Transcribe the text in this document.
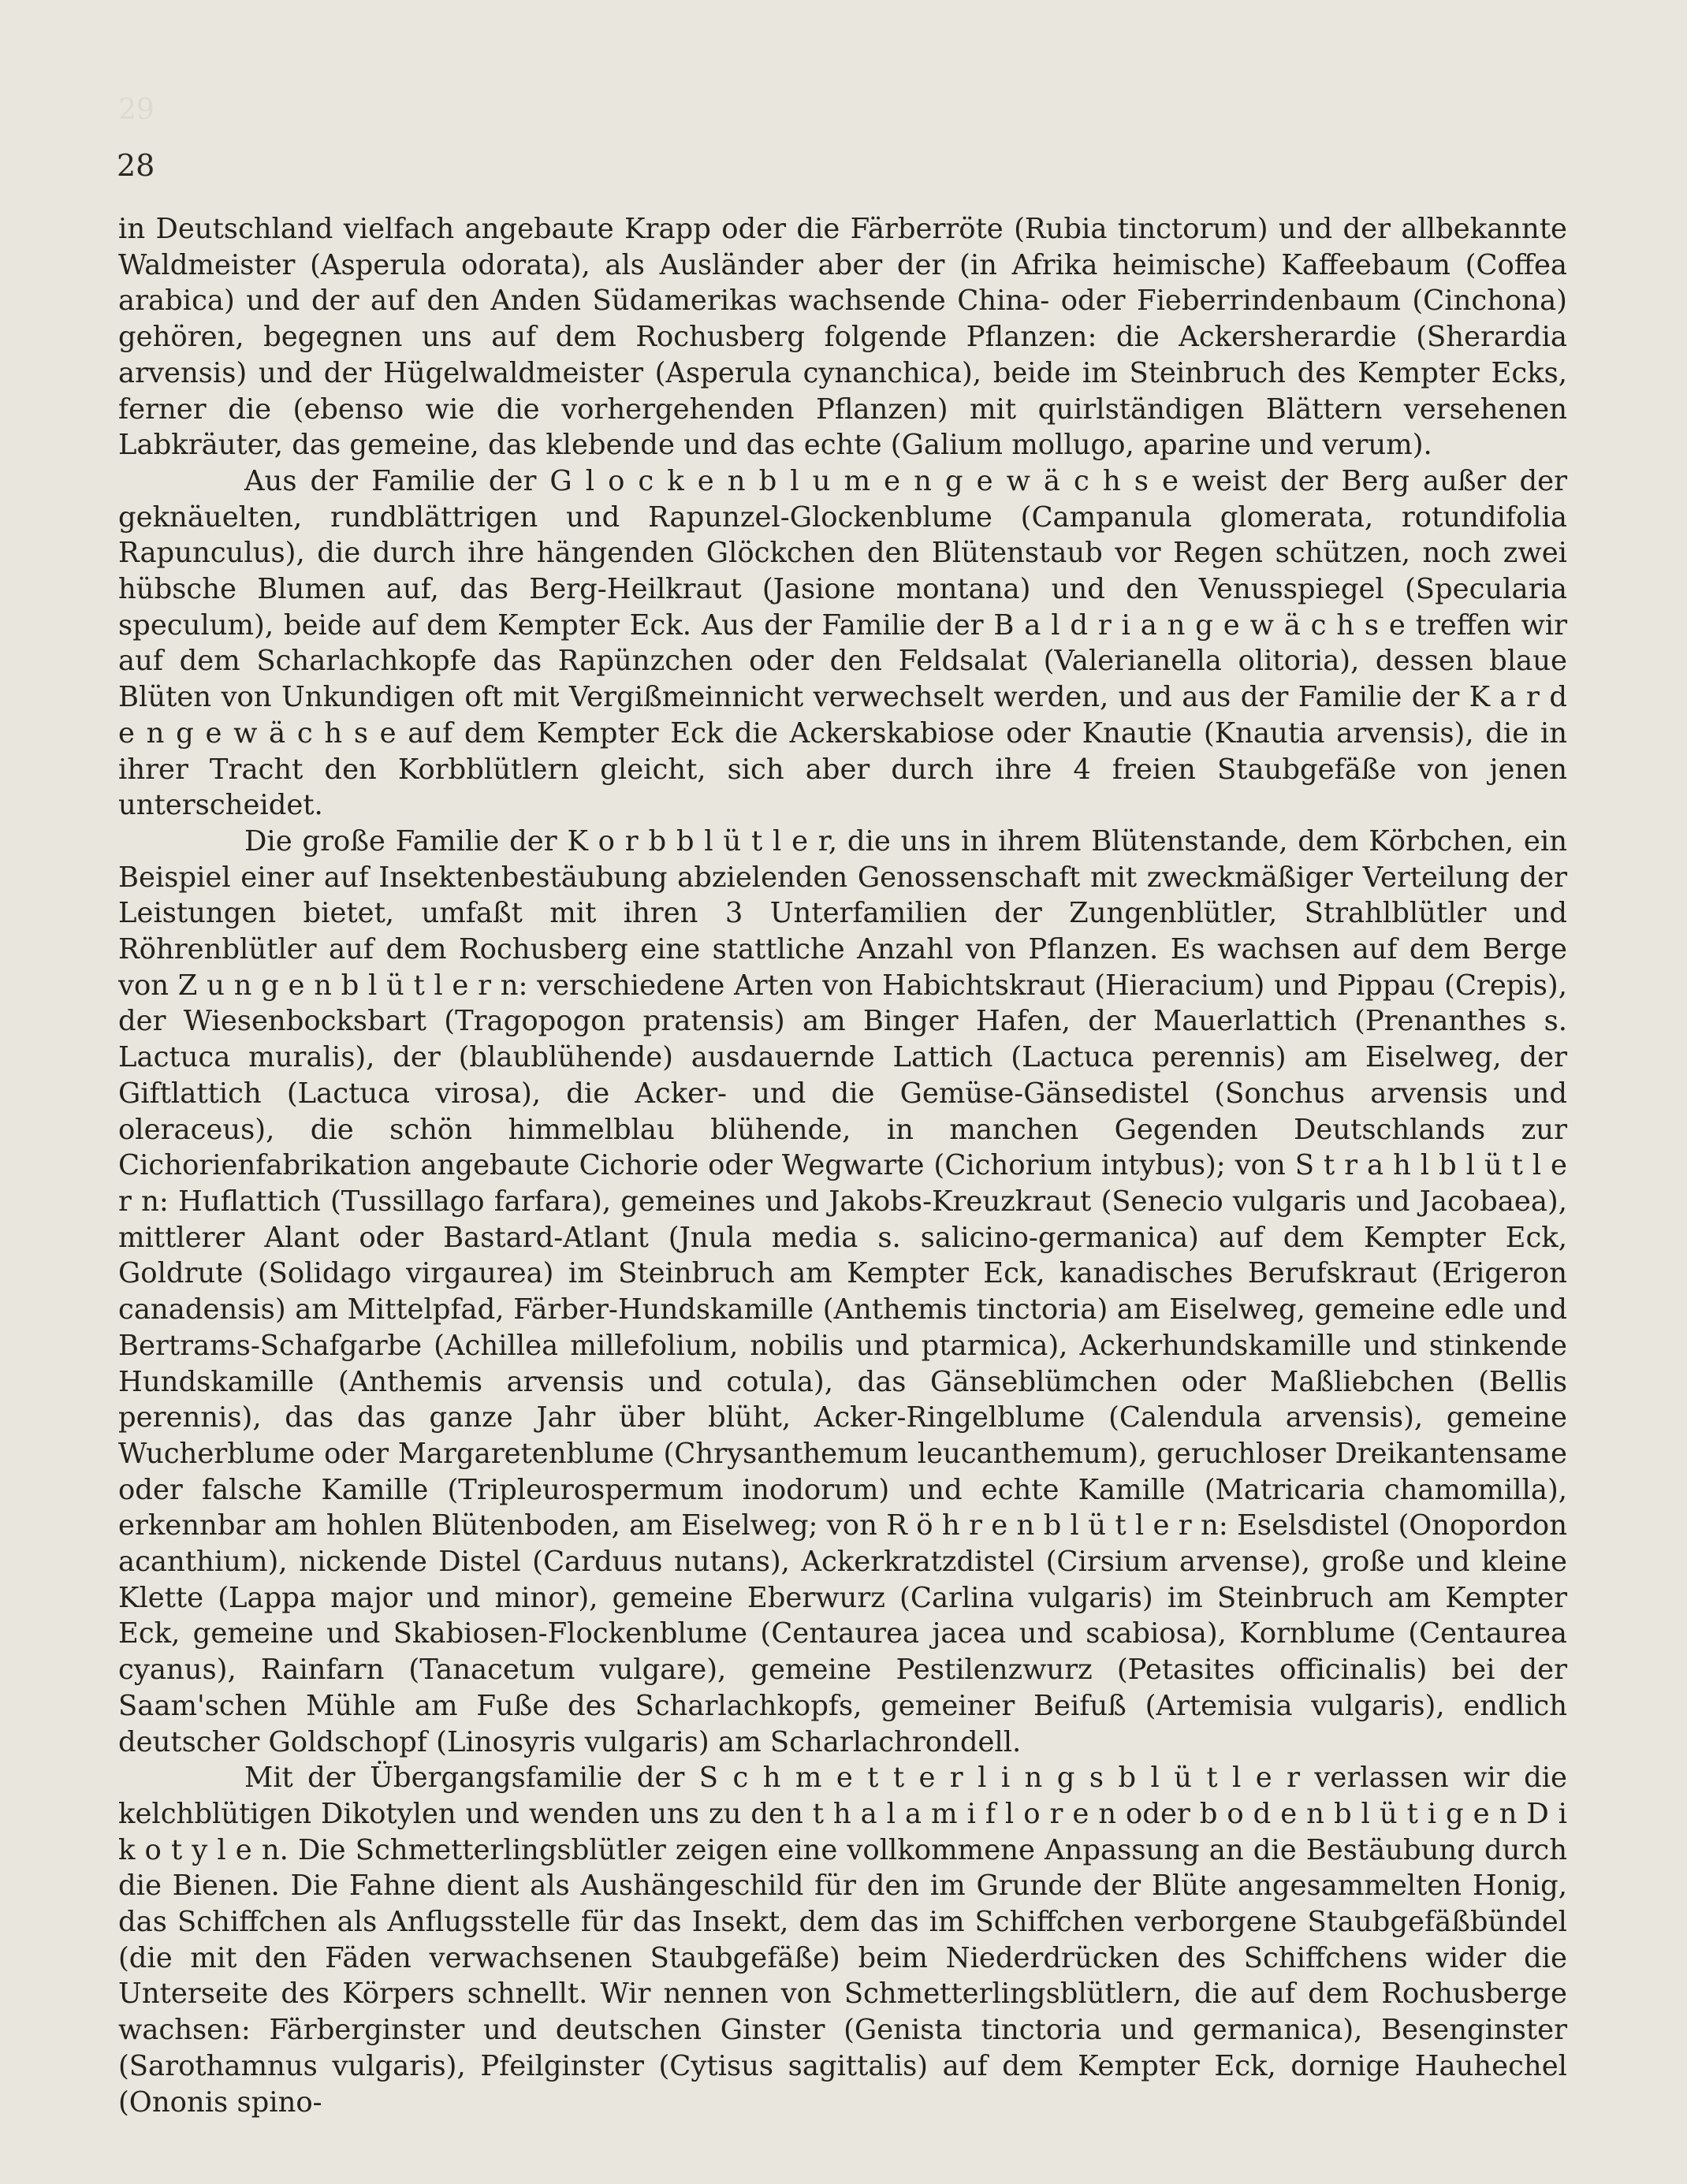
29
28

in Deutschland vielfach angebaute Krapp oder die Färberröte (Rubia tinctorum) und der allbekannte Waldmeister (Asperula odorata), als Ausländer aber der (in Afrika heimische) Kaffeebaum (Coffea arabica) und der auf den Anden Südamerikas wachsende China- oder Fieberrindenbaum (Cinchona) gehören, begegnen uns auf dem Rochusberg folgende Pflanzen: die Ackersherardie (Sherardia arvensis) und der Hügelwaldmeister (Asperula cynanchica), beide im Steinbruch des Kempter Ecks, ferner die (ebenso wie die vorhergehenden Pflanzen) mit quirlständigen Blättern versehenen Labkräuter, das gemeine, das klebende und das echte (Galium mollugo, aparine und verum).

Aus der Familie der G l o c k e n b l u m e n g e w ä c h s e weist der Berg außer der geknäuelten, rundblättrigen und Rapunzel-Glockenblume (Campanula glomerata, rotundifolia Rapunculus), die durch ihre hängenden Glöckchen den Blütenstaub vor Regen schützen, noch zwei hübsche Blumen auf, das Berg-Heilkraut (Jasione montana) und den Venusspiegel (Specularia speculum), beide auf dem Kempter Eck. Aus der Familie der B a l d r i a n g e w ä c h s e treffen wir auf dem Scharlachkopfe das Rapünzchen oder den Feldsalat (Valerianella olitoria), dessen blaue Blüten von Unkundigen oft mit Vergißmeinnicht verwechselt werden, und aus der Familie der K a r d e n g e w ä c h s e auf dem Kempter Eck die Ackerskabiose oder Knautie (Knautia arvensis), die in ihrer Tracht den Korbblütlern gleicht, sich aber durch ihre 4 freien Staubgefäße von jenen unterscheidet.

Die große Familie der K o r b b l ü t l e r, die uns in ihrem Blütenstande, dem Körbchen, ein Beispiel einer auf Insektenbestäubung abzielenden Genossenschaft mit zweckmäßiger Verteilung der Leistungen bietet, umfaßt mit ihren 3 Unterfamilien der Zungenblütler, Strahlblütler und Röhrenblütler auf dem Rochusberg eine stattliche Anzahl von Pflanzen. Es wachsen auf dem Berge von Z u n g e n b l ü t l e r n: verschiedene Arten von Habichtskraut (Hieracium) und Pippau (Crepis), der Wiesenbocksbart (Tragopogon pratensis) am Binger Hafen, der Mauerlattich (Prenanthes s. Lactuca muralis), der (blaublühende) ausdauernde Lattich (Lactuca perennis) am Eiselweg, der Giftlattich (Lactuca virosa), die Acker- und die Gemüse-Gänsedistel (Sonchus arvensis und oleraceus), die schön himmelblau blühende, in manchen Gegenden Deutschlands zur Cichorienfabrikation angebaute Cichorie oder Wegwarte (Cichorium intybus); von S t r a h l b l ü t l e r n: Huflattich (Tussillago farfara), gemeines und Jakobs-Kreuzkraut (Senecio vulgaris und Jacobaea), mittlerer Alant oder Bastard-Atlant (Jnula media s. salicino-germanica) auf dem Kempter Eck, Goldrute (Solidago virgaurea) im Steinbruch am Kempter Eck, kanadisches Berufskraut (Erigeron canadensis) am Mittelpfad, Färber-Hundskamille (Anthemis tinctoria) am Eiselweg, gemeine edle und Bertrams-Schafgarbe (Achillea millefolium, nobilis und ptarmica), Ackerhundskamille und stinkende Hundskamille (Anthemis arvensis und cotula), das Gänseblümchen oder Maßliebchen (Bellis perennis), das das ganze Jahr über blüht, Acker-Ringelblume (Calendula arvensis), gemeine Wucherblume oder Margaretenblume (Chrysanthemum leucanthemum), geruchloser Dreikantensame oder falsche Kamille (Tripleurospermum inodorum) und echte Kamille (Matricaria chamomilla), erkennbar am hohlen Blütenboden, am Eiselweg; von R ö h r e n b l ü t l e r n: Eselsdistel (Onopordon acanthium), nickende Distel (Carduus nutans), Ackerkratzdistel (Cirsium arvense), große und kleine Klette (Lappa major und minor), gemeine Eberwurz (Carlina vulgaris) im Steinbruch am Kempter Eck, gemeine und Skabiosen-Flockenblume (Centaurea jacea und scabiosa), Kornblume (Centaurea cyanus), Rainfarn (Tanacetum vulgare), gemeine Pestilenzwurz (Petasites officinalis) bei der Saam'schen Mühle am Fuße des Scharlachkopfs, gemeiner Beifuß (Artemisia vulgaris), endlich deutscher Goldschopf (Linosyris vulgaris) am Scharlachrondell.

Mit der Übergangsfamilie der S c h m e t t e r l i n g s b l ü t l e r verlassen wir die kelchblütigen Dikotylen und wenden uns zu den t h a l a m i f l o r e n oder b o d e n b l ü t i g e n D i k o t y l e n. Die Schmetterlingsblütler zeigen eine vollkommene Anpassung an die Bestäubung durch die Bienen. Die Fahne dient als Aushängeschild für den im Grunde der Blüte angesammelten Honig, das Schiffchen als Anflugsstelle für das Insekt, dem das im Schiffchen verborgene Staubgefäßbündel (die mit den Fäden verwachsenen Staubgefäße) beim Niederdrücken des Schiffchens wider die Unterseite des Körpers schnellt. Wir nennen von Schmetterlingsblütlern, die auf dem Rochusberge wachsen: Färberginster und deutschen Ginster (Genista tinctoria und germanica), Besenginster (Sarothamnus vulgaris), Pfeilginster (Cytisus sagittalis) auf dem Kempter Eck, dornige Hauhechel (Ononis spino-
